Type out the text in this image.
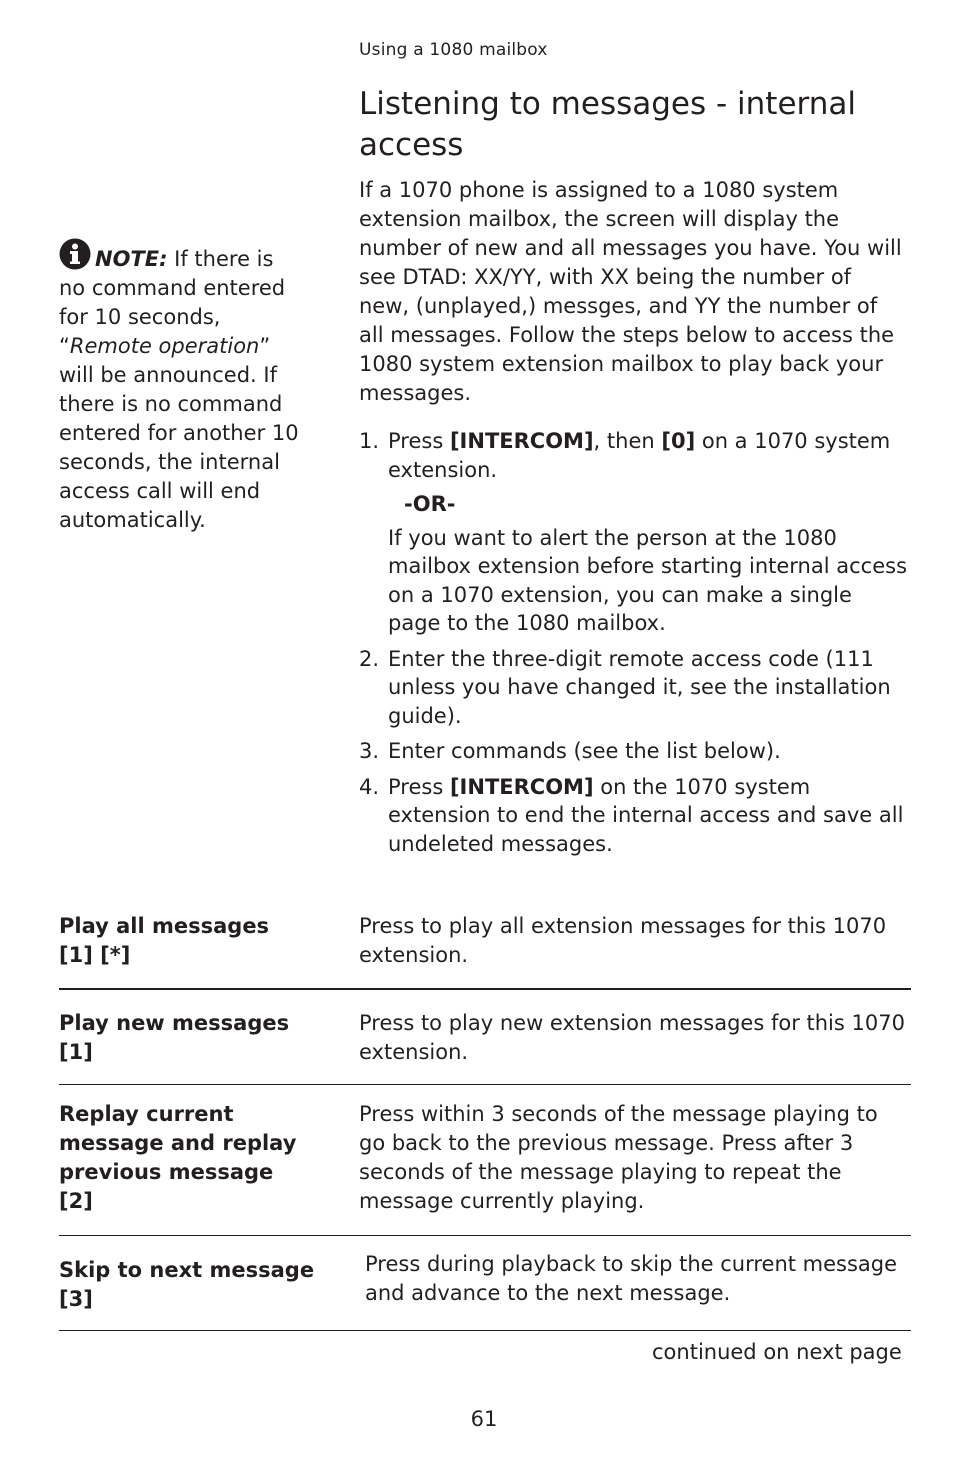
Using a 1080 mailbox
Listening to messages - internal access

If a 1070 phone is assigned to a 1080 system extension mailbox, the screen will display the number of new and all messages you have. You will see DTAD: XX/YY, with XX being the number of new, (unplayed,) messges, and YY the number of all messages. Follow the steps below to access the 1080 system extension mailbox to play back your messages.

NOTE: If there is no command entered for 10 seconds, “Remote operation” will be announced. If there is no command entered for another 10 seconds, the internal access call will end automatically.
1. Press [INTERCOM], then [0] on a 1070 system extension.
-OR-
If you want to alert the person at the 1080 mailbox extension before starting internal access on a 1070 extension, you can make a single page to the 1080 mailbox.
2. Enter the three-digit remote access code (111 unless you have changed it, see the installation guide).
3. Enter commands (see the list below).
4. Press [INTERCOM] on the 1070 system extension to end the internal access and save all undeleted messages.
Play all messages
[1] [*]
Press to play all extension messages for this 1070 extension.
Play new messages
[1]
Press to play new extension messages for this 1070 extension.
Replay current message and replay previous message
[2]
Press within 3 seconds of the message playing to go back to the previous message. Press after 3 seconds of the message playing to repeat the message currently playing.
Skip to next message
[3]
Press during playback to skip the current message and advance to the next message.
continued on next page
61
